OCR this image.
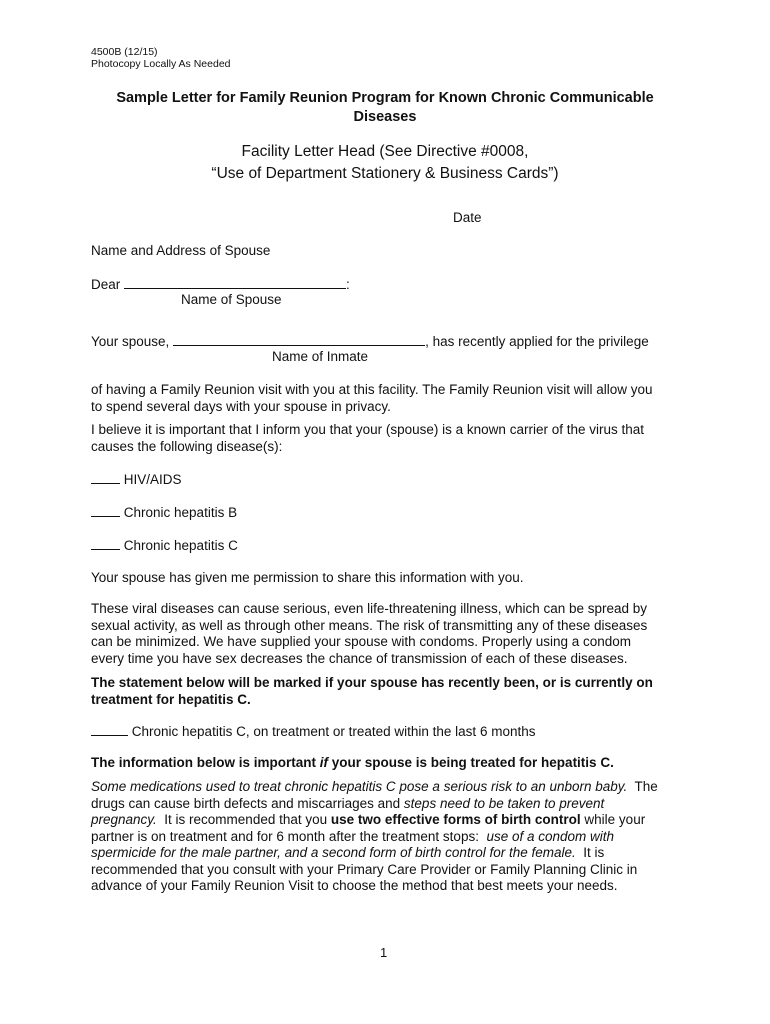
4500B (12/15)
Photocopy Locally As Needed
Sample Letter for Family Reunion Program for Known Chronic Communicable
Diseases
Facility Letter Head (See Directive #0008,
“Use of Department Stationery & Business Cards”)
Date
Name and Address of Spouse
Dear	:
Name of Spouse
Your spouse,	, has recently applied for the privilege
Name of Inmate
of having a Family Reunion visit with you at this facility. The Family Reunion visit will allow you
to spend several days with your spouse in privacy.
I believe it is important that I inform you that your (spouse) is a known carrier of the virus that
causes the following disease(s):
HIV/AIDS
Chronic hepatitis B
Chronic hepatitis C
Your spouse has given me permission to share this information with you.
These viral diseases can cause serious, even life-threatening illness, which can be spread by
sexual activity, as well as through other means. The risk of transmitting any of these diseases
can be minimized. We have supplied your spouse with condoms. Properly using a condom
every time you have sex decreases the chance of transmission of each of these diseases.
The statement below will be marked if your spouse has recently been, or is currently on
treatment for hepatitis C.
Chronic hepatitis C, on treatment or treated within the last 6 months
The information below is important if your spouse is being treated for hepatitis C.
Some medications used to treat chronic hepatitis C pose a serious risk to an unborn baby.  The
drugs can cause birth defects and miscarriages and steps need to be taken to prevent
pregnancy.  It is recommended that you use two effective forms of birth control while your
partner is on treatment and for 6 month after the treatment stops:  use of a condom with
spermicide for the male partner, and a second form of birth control for the female.  It is
recommended that you consult with your Primary Care Provider or Family Planning Clinic in
advance of your Family Reunion Visit to choose the method that best meets your needs.
1
